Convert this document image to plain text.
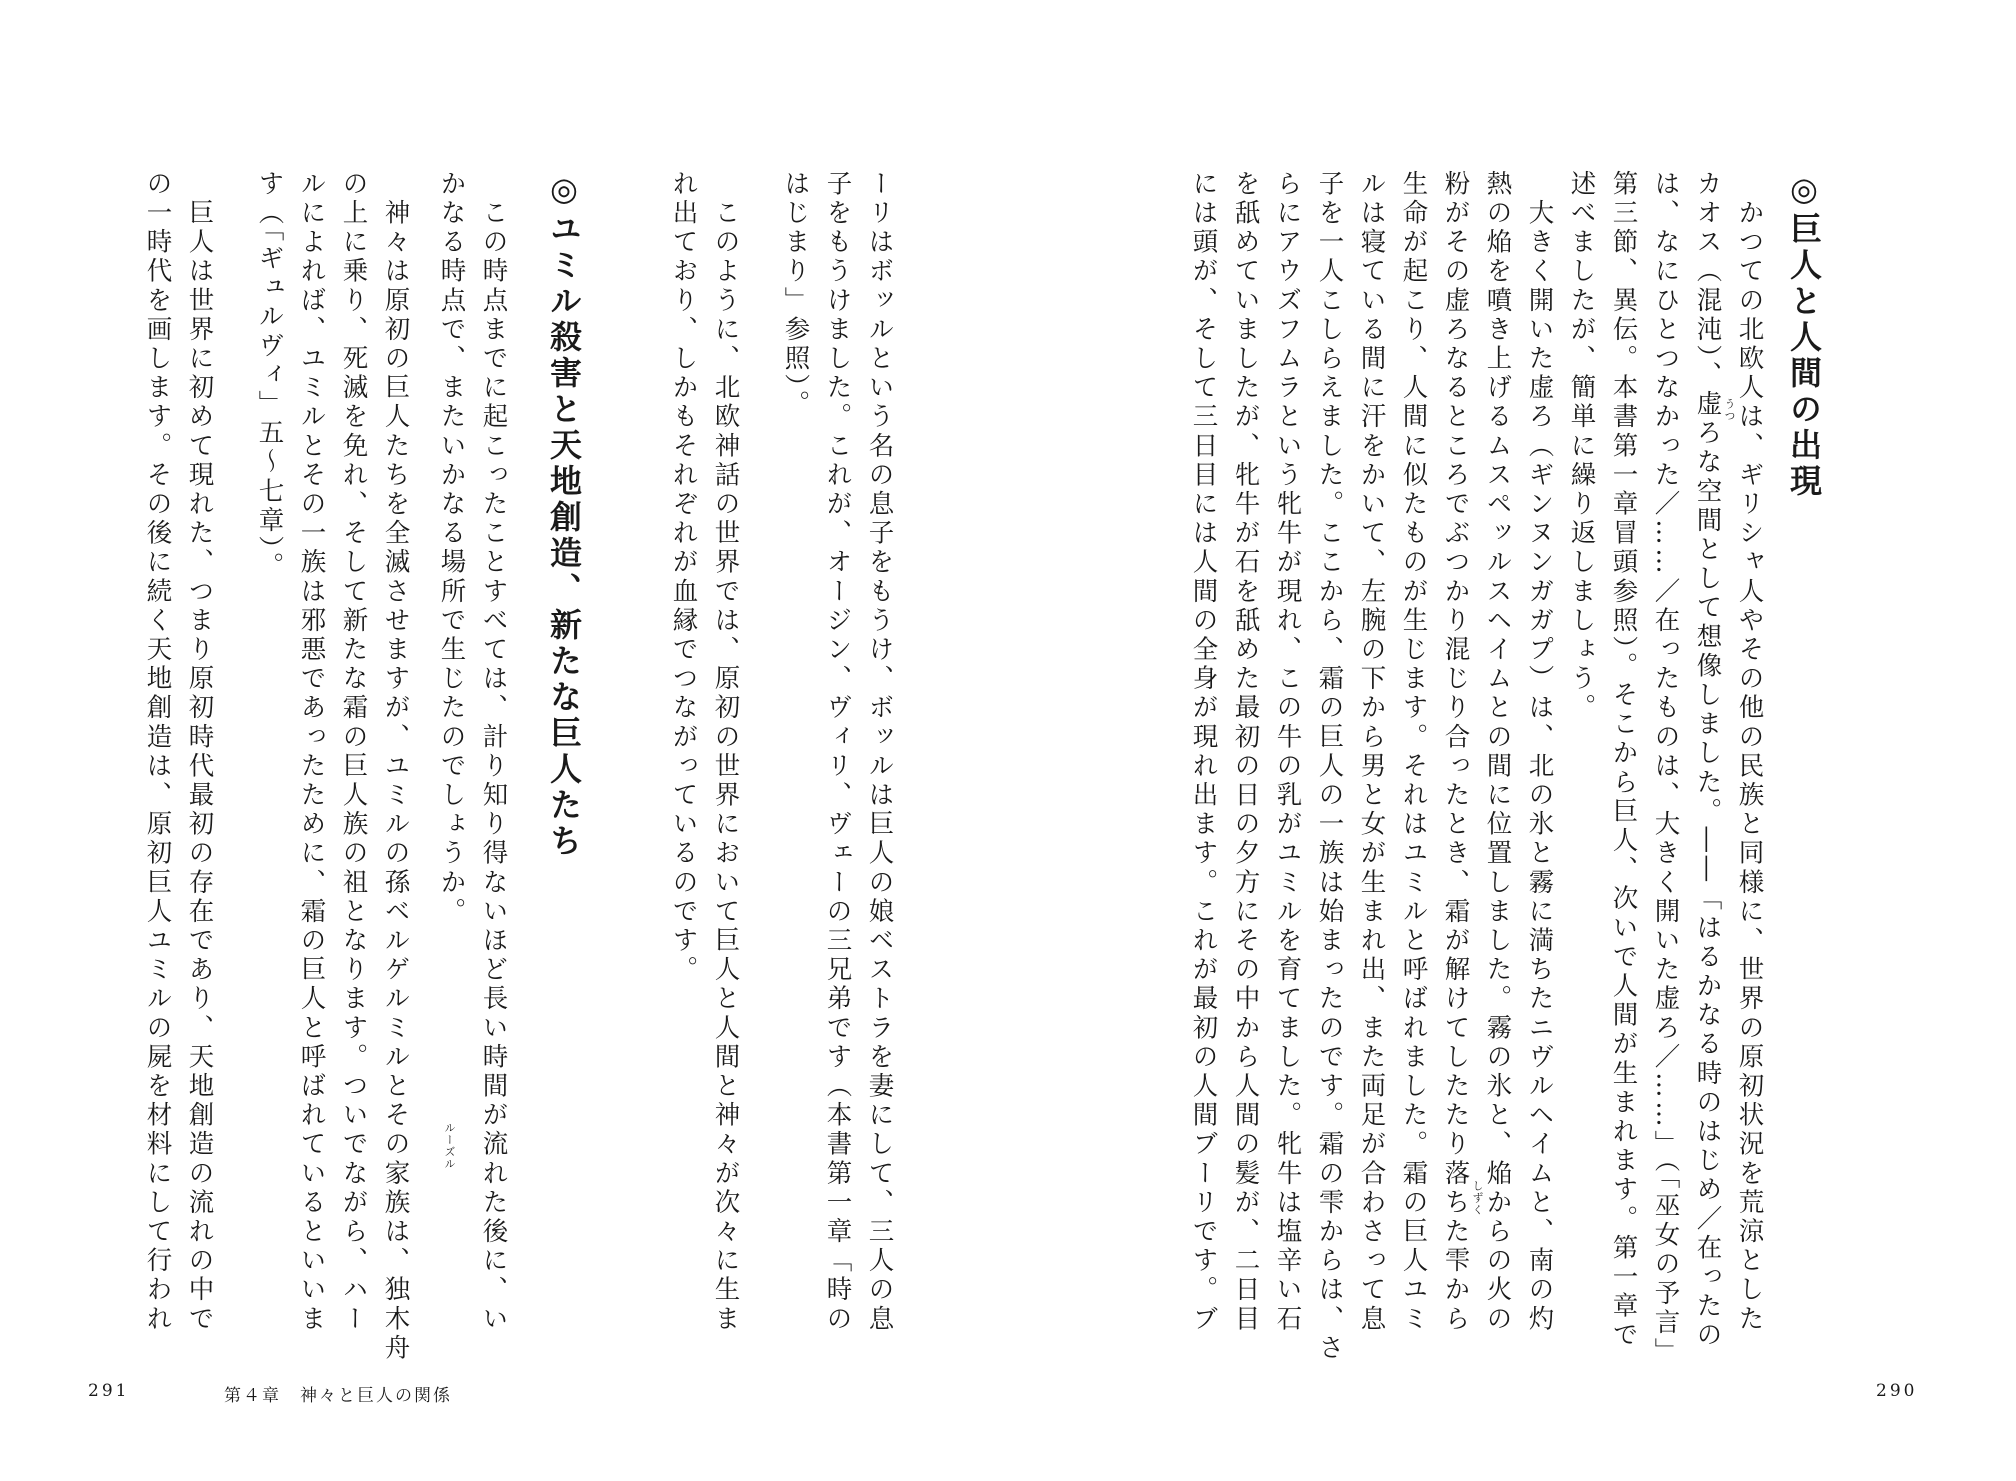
ーリはボッルという名の息子をもうけ、ボッルは巨人の娘ベストラを妻にして、三人の息
子をもうけました。これが、オージン、ヴィリ、ヴェーの三兄弟です（本書第一章「時の
はじまり」参照）。
　このように、北欧神話の世界では、原初の世界において巨人と人間と神々が次々に生ま
れ出ており、しかもそれぞれが血縁でつながっているのです。
◎ユミル殺害と天地創造、新たな巨人たち
　この時点までに起こったことすべては、計り知り得ないほど長い時間が流れた後に、い
かなる時点で、またいかなる場所で生じたのでしょうか。
　神々は原初の巨人たちを全滅させますが、ユミルの孫ベルゲルミルとその家族は、独木舟	ルーズル
の上に乗り、死滅を免れ、そして新たな霜の巨人族の祖となります。ついでながら、ハー
ルによれば、ユミルとその一族は邪悪であったために、霜の巨人と呼ばれているといいま
す（「ギュルヴィ」五～七章）。
　巨人は世界に初めて現れた、つまり原初時代最初の存在であり、天地創造の流れの中で
の一時代を画します。その後に続く天地創造は、原初巨人ユミルの屍を材料にして行われ
291	第４章　神々と巨人の関係
◎巨人と人間の出現
　かつての北欧人は、ギリシャ人やその他の民族と同様に、世界の原初状況を荒涼とした
カオス（混沌）、虚ろな空間として想像しました。――「はるかなる時のはじめ／在ったの うつ
は、なにひとつなかった／……／在ったものは、大きく開いた虚ろ／……」（「巫女の予言」
第三節、異伝。本書第一章冒頭参照）。そこから巨人、次いで人間が生まれます。第一章で
述べましたが、簡単に繰り返しましょう。
　大きく開いた虚ろ（ギンヌンガガプ）は、北の氷と霧に満ちたニヴルヘイムと、南の灼
熱の焔を噴き上げるムスペッルスヘイムとの間に位置しました。霧の氷と、焔からの火の
粉がその虚ろなるところでぶつかり混じり合ったとき、霜が解けてしたたり落ちた雫から しずく
生命が起こり、人間に似たものが生じます。それはユミルと呼ばれました。霜の巨人ユミ
ルは寝ている間に汗をかいて、左腕の下から男と女が生まれ出、また両足が合わさって息
子を一人こしらえました。ここから、霜の巨人の一族は始まったのです。霜の雫からは、さ
らにアウズフムラという牝牛が現れ、この牛の乳がユミルを育てました。牝牛は塩辛い石
を舐めていましたが、牝牛が石を舐めた最初の日の夕方にその中から人間の髪が、二日目
には頭が、そして三日目には人間の全身が現れ出ます。これが最初の人間ブーリです。ブ
290
